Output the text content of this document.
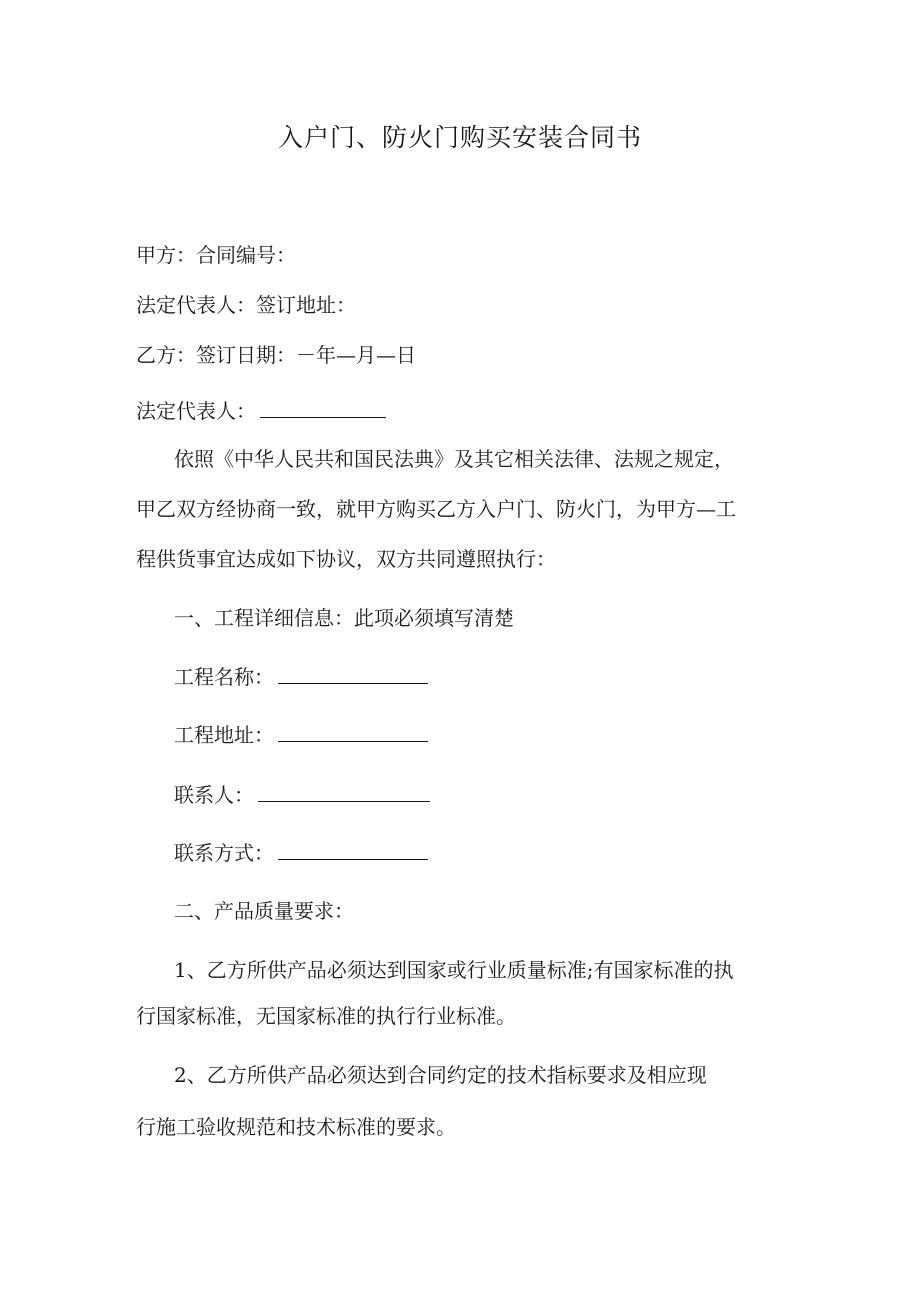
入户门、防火门购买安装合同书
甲方：合同编号：
法定代表人：签订地址：
乙方：签订日期：－年—月—日
法定代表人：
依照《中华人民共和国民法典》及其它相关法律、法规之规定，
甲乙双方经协商一致，就甲方购买乙方入户门、防火门，为甲方—工
程供货事宜达成如下协议，双方共同遵照执行：
一、工程详细信息：此项必须填写清楚
工程名称：
工程地址：
联系人：
联系方式：
二、产品质量要求：
1、乙方所供产品必须达到国家或行业质量标准;有国家标准的执
行国家标准，无国家标准的执行行业标准。
2、乙方所供产品必须达到合同约定的技术指标要求及相应现
行施工验收规范和技术标准的要求。
